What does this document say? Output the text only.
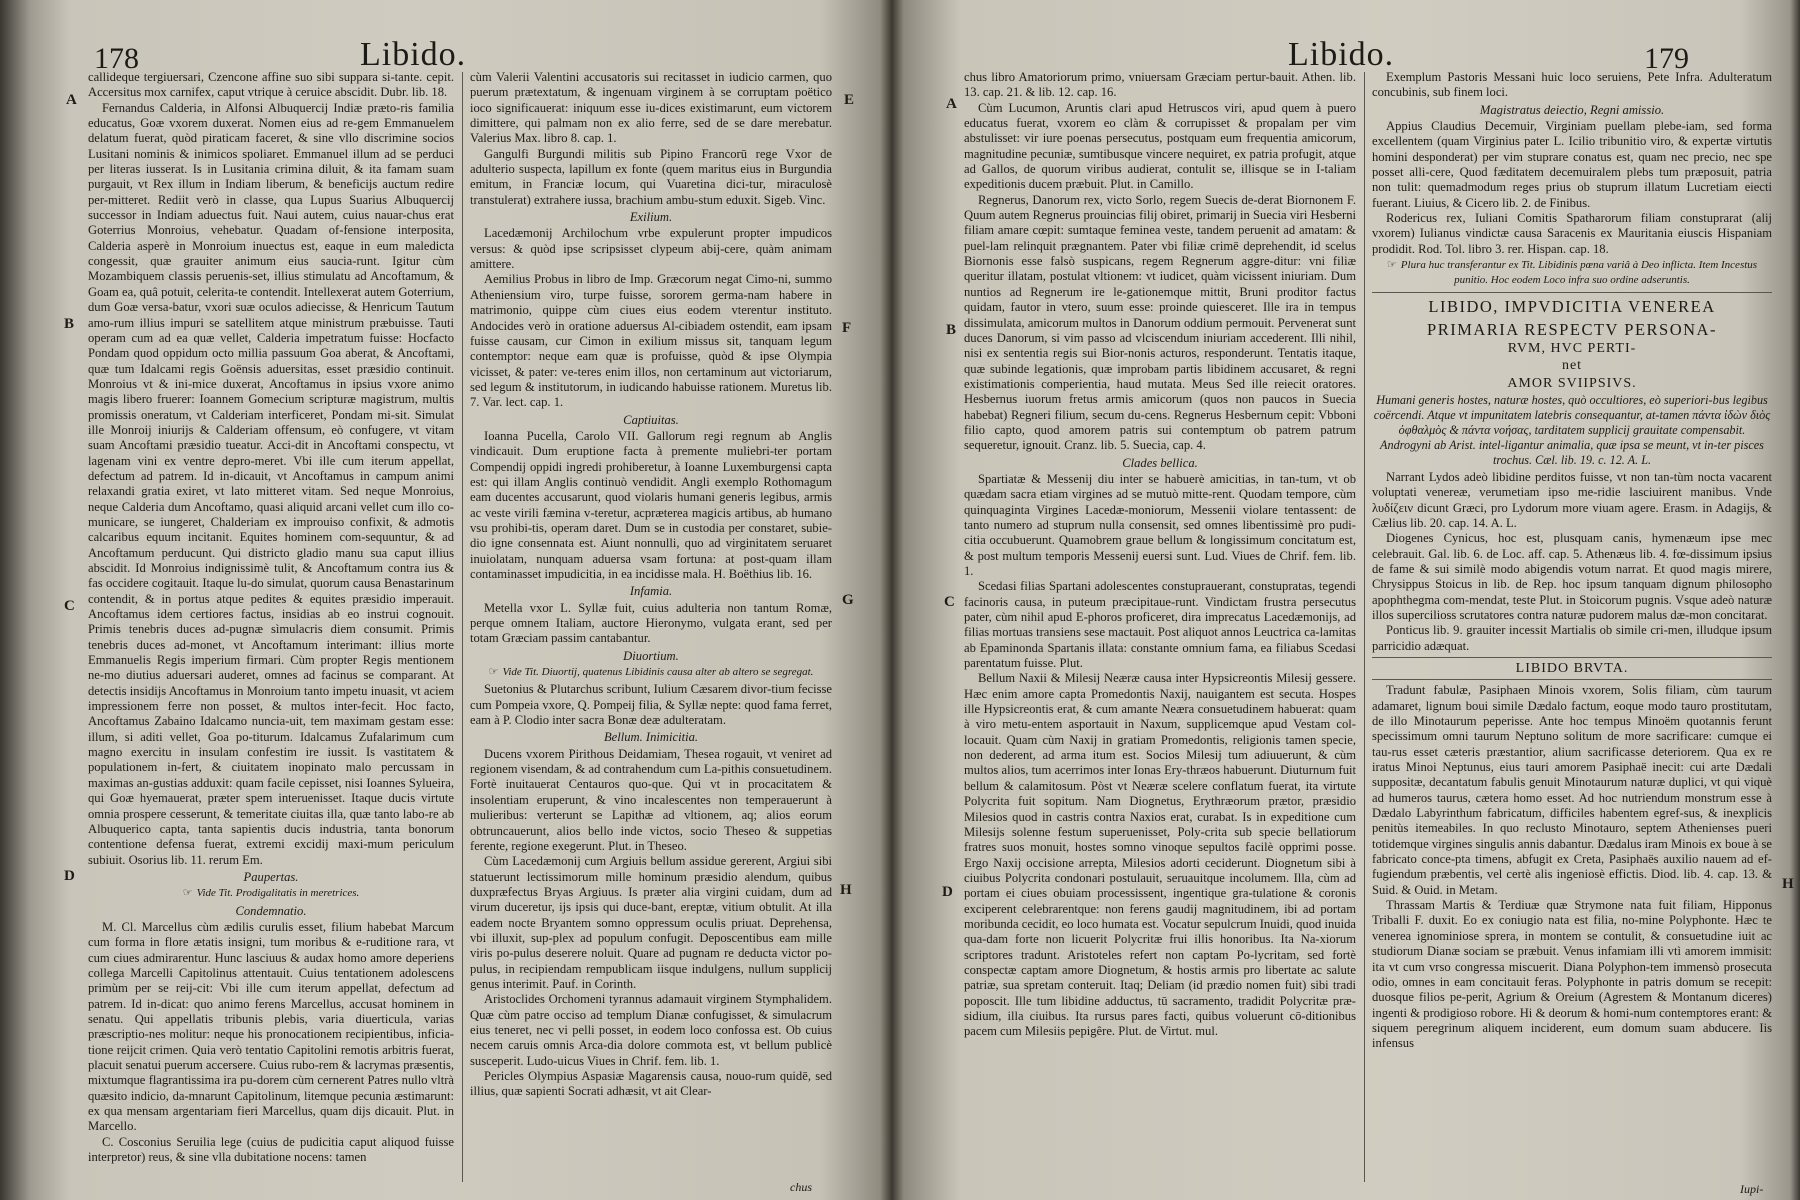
178	Libido.
A
B
C
D
E
F
G
H

callideque tergiuersari, Czencone affine suo sibi suppara si-tante. cepit. Accersitus mox carnifex, caput vtrique à ceruice abscidit. Dubr. lib. 18.

Fernandus Calderia, in Alfonsi Albuquercij Indiæ præto-ris familia educatus, Goæ vxorem duxerat. Nomen eius ad re-gem Emmanuelem delatum fuerat, quòd piraticam faceret, & sine vllo discrimine socios Lusitani nominis & inimicos spoliaret. Emmanuel illum ad se perduci per literas iusserat. Is in Lusitania crimina diluit, & ita famam suam purgauit, vt Rex illum in Indiam liberum, & beneficijs auctum redire per-mitteret. Rediit verò in classe, qua Lupus Suarius Albuquercij successor in Indiam aduectus fuit. Naui autem, cuius nauar-chus erat Goterrius Monroius, vehebatur. Quadam of-fensione interposita, Calderia asperè in Monroium inuectus est, eaque in eum maledicta congessit, quæ grauiter animum eius saucia-runt. Igitur cùm Mozambiquem classis peruenis-set, illius stimulatu ad Ancoftamum, & Goam ea, quâ potuit, celerita-te contendit. Intellexerat autem Goterrium, dum Goæ versa-batur, vxori suæ oculos adiecisse, & Henricum Tautum amo-rum illius impuri se satellitem atque ministrum præbuisse. Tauti operam cum ad ea quæ vellet, Calderia impetratum fuisse: Hocfacto Pondam quod oppidum octo millia passuum Goa aberat, & Ancoftami, quæ tum Idalcami regis Goënsis aduersitas, esset præsidio continuit. Monroius vt & ini-mice duxerat, Ancoftamus in ipsius vxore animo magis libero fruerer: Ioannem Gomecium scripturæ magistrum, multis promissis oneratum, vt Calderiam interficeret, Pondam mi-sit. Simulat ille Monroij iniurijs & Calderiam offensum, eò confugere, vt vitam suam Ancoftami præsidio tueatur. Acci-dit in Ancoftami conspectu, vt lagenam vini ex ventre depro-meret. Vbi ille cum iterum appellat, defectum ad patrem. Id in-dicauit, vt Ancoftamus in campum animi relaxandi gratia exiret, vt lato mitteret vitam. Sed neque Monroius, neque Calderia dum Ancoftamo, quasi aliquid arcani vellet cum illo co-municare, se iungeret, Chalderiam ex improuiso confixit, & admotis calcaribus equum incitanit. Equites hominem com-sequuntur, & ad Ancoftamum perducunt. Qui districto gladio manu sua caput illius abscidit. Id Monroius indignissimè tulit, & Ancoftamum contra ius & fas occidere cogitauit. Itaque lu-do simulat, quorum causa Benastarinum contendit, & in portus atque pedites & equites præsidio imperauit. Ancoftamus idem certiores factus, insidias ab eo instrui cognouit. Primis tenebris duces ad-pugnæ sìmulacris diem consumit. Primis tenebris duces ad-monet, vt Ancoftamum interimant: illius morte Emmanuelis Regis imperium firmari. Cùm propter Regis mentionem ne-mo diutius aduersari auderet, omnes ad facinus se comparant. At detectis insidijs Ancoftamus in Monroium tanto impetu inuasit, vt aciem impressionem ferre non posset, & multos inter-fecit. Hoc facto, Ancoftamus Zabaino Idalcamo nuncia-uit, tem maximam gestam esse: illum, si aditi vellet, Goa po-titurum. Idalcamus Zufalarimum cum magno exercitu in insulam confestim ire iussit. Is vastitatem & populationem in-fert, & ciuitatem inopinato malo percussam in maximas an-gustias adduxit: quam facile cepisset, nisi Ioannes Sylueira, qui Goæ hyemauerat, præter spem interuenisset. Itaque ducis virtute omnia prospere cesserunt, & temeritate ciuitas illa, quæ tanto labo-re ab Albuquerico capta, tanta sapientis ducis industria, tanta bonorum contentione defensa fuerat, extremi excidij maxi-mum periculum subiuit. Osorius lib. 11. rerum Em.

Paupertas.
☞ Vide Tit. Prodigalitatis in meretrices.
Condemnatio.

M. Cl. Marcellus cùm ædilis curulis esset, filium habebat Marcum cum forma in flore ætatis insigni, tum moribus & e-ruditione rara, vt cum ciues admirarentur. Hunc lasciuus & audax homo amore deperiens collega Marcelli Capitolinus attentauit. Cuius tentationem adolescens primùm per se reij-cit: Vbi ille cum iterum appellat, defectum ad patrem. Id in-dicat: quo animo ferens Marcellus, accusat hominem in senatu. Qui appellatis tribunis plebis, varia diuerticula, varias præscriptio-nes molitur: neque his pronocationem recipientibus, inficia-tione reijcit crimen. Quia verò tentatio Capitolini remotis arbitris fuerat, placuit senatui puerum accersere. Cuius rubo-rem & lacrymas præsentis, mixtumque flagrantissima ira pu-dorem cùm cernerent Patres nullo vltrà quæsito indicio, da-mnarunt Capitolinum, litemque pecunia æstimarunt: ex qua mensam argentariam fieri Marcellus, quam dijs dicauit. Plut. in Marcello.

C. Cosconius Seruilia lege (cuius de pudicitia caput aliquod fuisse interpretor) reus, & sine vlla dubitatione nocens: tamen

cùm Valerii Valentini accusatoris sui recitasset in iudicio carmen, quo puerum prætextatum, & ingenuam virginem à se corruptam poëtico ioco significauerat: iniquum esse iu-dices existimarunt, eum victorem dimittere, qui palmam non ex alio ferre, sed de se dare merebatur. Valerius Max. libro 8. cap. 1.

Gangulfi Burgundi militis sub Pipino Francorū rege Vxor de adulterio suspecta, lapillum ex fonte (quem maritus eius in Burgundia emitum, in Franciæ locum, qui Vuaretina dici-tur, miraculosè transtulerat) extrahere iussa, brachium ambu-stum eduxit. Sigeb. Vinc.

Exilium.

Lacedæmonij Archilochum vrbe expulerunt propter impudicos versus: & quòd ipse scripsisset clypeum abij-cere, quàm animam amittere.

Aemilius Probus in libro de Imp. Græcorum negat Cimo-ni, summo Atheniensium viro, turpe fuisse, sororem germa-nam habere in matrimonio, quippe cùm ciues eius eodem vterentur instituto. Andocides verò in oratione aduersus Al-cibiadem ostendit, eam ipsam fuisse causam, cur Cimon in exilium missus sit, tanquam legum contemptor: neque eam quæ is profuisse, quòd & ipse Olympia vicisset, & pater: ve-teres enim illos, non certaminum aut victoriarum, sed legum & institutorum, in iudicando habuisse rationem. Muretus lib. 7. Var. lect. cap. 1.

Captiuitas.

Ioanna Pucella, Carolo VII. Gallorum regi regnum ab Anglis vindicauit. Dum eruptione facta à premente muliebri-ter portam Compendij oppidi ingredi prohiberetur, à Ioanne Luxemburgensi capta est: qui illam Anglis continuò vendidit. Angli exemplo Rothomagum eam ducentes accusarunt, quod violaris humani generis legibus, armis ac veste virili fæmina v-teretur, acpræterea magicis artibus, ab humano vsu prohibi-tis, operam daret. Dum se in custodia per constaret, subie-dio igne consennata est. Aiunt nonnulli, quo ad virginitatem seruaret inuiolatam, nunquam aduersa vsam fortuna: at post-quam illam contaminasset impudicitia, in ea incidisse mala. H. Boëthius lib. 16.

Infamia.

Metella vxor L. Syllæ fuit, cuius adulteria non tantum Romæ, perque omnem Italiam, auctore Hieronymo, vulgata erant, sed per totam Græciam passim cantabantur.

Diuortium.
☞ Vide Tit. Diuortij, quatenus Libidinis causa alter ab altero se segregat.

Suetonius & Plutarchus scribunt, Iulium Cæsarem divor-tium fecisse cum Pompeia vxore, Q. Pompeij filia, & Syllæ nepte: quod fama ferret, eam à P. Clodio inter sacra Bonæ deæ adulteratam.

Bellum. Inimicitia.

Ducens vxorem Pirithous Deidamiam, Thesea rogauit, vt veniret ad regionem visendam, & ad contrahendum cum La-pithis consuetudinem. Fortè inuitauerat Centauros quo-que. Qui vt in procacitatem & insolentiam eruperunt, & vino incalescentes non temperauerunt à mulieribus: verterunt se Lapithæ ad vltionem, aq; alios eorum obtruncauerunt, alios bello inde victos, socio Theseo & suppetias ferente, regione exegerunt. Plut. in Theseo.

Cùm Lacedæmonij cum Argiuis bellum assidue gererent, Argiui sibi statuerunt lectissimorum mille hominum præsidio alendum, quibus duxpræfectus Bryas Argiuus. Is præter alia virgini cuidam, dum ad virum duceretur, ijs ipsis qui duce-bant, ereptæ, vitium obtulit. At illa eadem nocte Bryantem somno oppressum oculis priuat. Deprehensa, vbi illuxit, sup-plex ad populum confugit. Deposcentibus eam mille viris po-pulus deserere noluit. Quare ad pugnam re deducta victor po-pulus, in recipiendam rempublicam iisque indulgens, nullum supplicij genus interimit. Pauf. in Corinth.

Aristoclides Orchomeni tyrannus adamauit virginem Stymphalidem. Quæ cùm patre occiso ad templum Dianæ confugisset, & simulacrum eius teneret, nec vi pelli posset, in eodem loco confossa est. Ob cuius necem caruis omnis Arca-dia dolore commota est, vt bellum publicè susceperit. Ludo-uicus Viues in Chrif. fem. lib. 1.

Pericles Olympius Aspasiæ Magarensis causa, nouo-rum quidē, sed illius, quæ sapienti Socrati adhæsit, vt ait Clear-

chus
Libido.	179
A
B
C
D	H

chus libro Amatoriorum primo, vniuersam Græciam pertur-bauit. Athen. lib. 13. cap. 21. & lib. 12. cap. 16.

Cùm Lucumon, Aruntis clari apud Hetruscos viri, apud quem à puero educatus fuerat, vxorem eo clàm & corrupisset & propalam per vim abstulisset: vir iure poenas persecutus, postquam eum frequentia amicorum, magnitudine pecuniæ, sumtibusque vincere nequiret, ex patria profugit, atque ad Gallos, de quorum viribus audierat, contulit se, illisque se in I-taliam expeditionis ducem præbuit. Plut. in Camillo.

Regnerus, Danorum rex, victo Sorlo, regem Suecis de-derat Biornonem F. Quum autem Regnerus prouincias filij obiret, primarij in Suecia viri Hesberni filiam amare cœpit: sumtaque feminea veste, tandem peruenit ad amatam: & puel-lam relinquit prægnantem. Pater vbi filiæ crimē deprehendit, id scelus Biornonis esse falsò suspicans, regem Regnerum aggre-ditur: vni filiæ queritur illatam, postulat vltionem: vt iudicet, quàm vicissent iniuriam. Dum nuntios ad Regnerum ire le-gationemque mittit, Bruni proditor factus quidam, fautor in vtero, suum esse: proinde quiesceret. Ille ira in tempus dissimulata, amicorum multos in Danorum oddium permouit. Pervenerat sunt duces Danorum, si vim passo ad vlciscendum iniuriam accederent. Illi nihil, nisi ex sententia regis sui Bior-nonis acturos, responderunt. Tentatis itaque, quæ subinde legationis, quæ improbam partis libidinem accusaret, & regni existimationis comperientia, haud mutata. Meus Sed ille reiecit oratores. Hesbernus iuorum fretus armis amicorum (quos non paucos in Suecia habebat) Regneri filium, secum du-cens. Regnerus Hesbernum cepit: Vbboni filio capto, quod amorem patris sui contemptum ob patrem patrum sequeretur, ignouit. Cranz. lib. 5. Suecia, cap. 4.

Clades bellica.

Spartiatæ & Messenij diu inter se habuerè amicitias, in tan-tum, vt ob quædam sacra etiam virgines ad se mutuò mitte-rent. Quodam tempore, cùm quinquaginta Virgines Lacedæ-moniorum, Messenii violare tentassent: de tanto numero ad stuprum nulla consensit, sed omnes libentissimè pro pudi-citia occubuerunt. Quamobrem graue bellum & longissimum concitatum est, & post multum temporis Messenij euersi sunt. Lud. Viues de Chrif. fem. lib. 1.

Scedasi filias Spartani adolescentes constuprauerant, constupratas, tegendi facinoris causa, in puteum præcipitaue-runt. Vindictam frustra persecutus pater, cùm nihil apud E-phoros proficeret, dira imprecatus Lacedæmonijs, ad filias mortuas transiens sese mactauit. Post aliquot annos Leuctrica ca-lamitas ab Epaminonda Spartanis illata: constante omnium fama, ea filiabus Scedasi parentatum fuisse. Plut.

Bellum Naxii & Milesij Neæræ causa inter Hypsicreontis Milesij gessere. Hæc enim amore capta Promedontis Naxij, nauigantem est secuta. Hospes ille Hypsicreontis erat, & cum amante Neæra consuetudinem habuerat: quam à viro metu-entem asportauit in Naxum, supplicemque apud Vestam col-locauit. Quam cùm Naxij in gratiam Promedontis, religionis tamen specie, non dederent, ad arma itum est. Socios Milesij tum adiuuerunt, & cùm multos alios, tum acerrimos inter Ionas Ery-thræos habuerunt. Diuturnum fuit bellum & calamitosum. Pòst vt Neæræ scelere conflatum fuerat, ita virtute Polycrita fuit sopitum. Nam Diognetus, Erythræorum prætor, præsidio Milesios quod in castris contra Naxios erat, curabat. Is in expeditione cum Milesijs solenne festum superuenisset, Poly-crita sub specie bellatiorum fratres suos monuit, hostes somno vinoque sepultos facilè opprimi posse. Ergo Naxij occisione arrepta, Milesios adorti ceciderunt. Diognetum sibi à ciuibus Polycrita condonari postulauit, seruauitque incolumem. Illa, cùm ad portam ei ciues obuiam processissent, ingentique gra-tulatione & coronis exciperent celebrarentque: non ferens gaudij magnitudinem, ibi ad portam moribunda cecidit, eo loco humata est. Vocatur sepulcrum Inuidi, quod inuida qua-dam forte non licuerit Polycritæ frui illis honoribus. Ita Na-xiorum scriptores tradunt. Aristoteles refert non captam Po-lycritam, sed fortè conspectæ captam amore Diognetum, & hostis armis pro libertate ac salute patriæ, sua spretam conteruit. Itaq; Deliam (id prædio nomen fuit) sibi tradi poposcit. Ille tum libidine adductus, tū sacramento, tradidit Polycritæ præ-sidium, illa ciuibus. Ita rursus pares facti, quibus voluerunt cō-ditionibus pacem cum Milesiis pepigêre. Plut. de Virtut. mul.

Exemplum Pastoris Messani huic loco seruiens, Pete Infra. Adulteratum concubinis, sub finem loci.

Magistratus deiectio, Regni amissio.

Appius Claudius Decemuir, Virginiam puellam plebe-iam, sed forma excellentem (quam Virginius pater L. Icilio tribunitio viro, & expertæ virtutis homini desponderat) per vim stuprare conatus est, quam nec precio, nec spe posset alli-cere, Quod fæditatem decemuiralem plebs tum præposuit, patria non tulit: quemadmodum reges prius ob stuprum illatum Lucretiam eiecti fuerant. Liuius, & Cicero lib. 2. de Finibus.

Rodericus rex, Iuliani Comitis Spatharorum filiam constuprarat (alij vxorem) Iulianus vindictæ causa Saracenis ex Mauritania eiuscis Hispaniam prodidit. Rod. Tol. libro 3. rer. Hispan. cap. 18.

☞ Plura huc transferantur ex Tit. Libidinis pœna variâ à Deo inflicta. Item Incestus punitio. Hoc eodem Loco infra suo ordine adseruntis.
LIBIDO, IMPVDICITIA VENEREA
PRIMARIA RESPECTV PERSONA-
RVM, HVC PERTI-
net
AMOR SVIIPSIVS.
Humani generis hostes, naturæ hostes, quò occultiores, eò superiori-bus legibus coërcendi. Atque vt impunitatem latebris consequantur, at-tamen πάντα ἰδὼν διὸς ὀφθαλμὸς & πάντα νοήσας, tarditatem supplicij grauitate compensabit. Androgyni ab Arist. intel-ligantur animalia, quæ ipsa se meunt, vt in-ter pisces trochus. Cæl. lib. 19. c. 12. A. L.

Narrant Lydos adeò libidine perditos fuisse, vt non tan-tùm nocta vacarent voluptati venereæ, verumetiam ipso me-ridie lasciuirent manibus. Vnde λυδίζειν dicunt Græci, pro Lydorum more viuam agere. Erasm. in Adagijs, & Cælius lib. 20. cap. 14. A. L.

Diogenes Cynicus, hoc est, plusquam canis, hymenæum ipse mec celebrauit. Gal. lib. 6. de Loc. aff. cap. 5. Athenæus lib. 4. fœ-dissimum ipsius de fame & sui similè modo abigendis votum narrat. Et quod magis mirere, Chrysippus Stoicus in lib. de Rep. hoc ipsum tanquam dignum philosopho apophthegma com-mendat, teste Plut. in Stoicorum pugnis. Vsque adeò naturæ illos supercilioss scrutatores contra naturæ pudorem malus dæ-mon concitarat.

Ponticus lib. 9. grauiter incessit Martialis ob simile cri-men, illudque ipsum parricidio adæquat.

LIBIDO BRVTA.

Tradunt fabulæ, Pasiphaen Minois vxorem, Solis filiam, cùm taurum adamaret, lignum boui simile Dædalo factum, eoque modo tauro prostitutam, de illo Minotaurum peperisse. Ante hoc tempus Minoëm quotannis ferunt specissimum omni taurum Neptuno solitum de more sacrificare: cumque ei tau-rus esset cæteris præstantior, alium sacrificasse deteriorem. Qua ex re iratus Minoi Neptunus, eius tauri amorem Pasiphaë inecit: cui arte Dædali suppositæ, decantatum fabulis genuit Minotaurum naturæ duplici, vt qui viquè ad humeros taurus, cætera homo esset. Ad hoc nutriendum monstrum esse à Dædalo Labyrinthum fabricatum, difficiles habentem egref-sus, & inexplicis penitùs itemeabiles. In quo reclusto Minotauro, septem Athenienses pueri totidemque virgines singulis annis dabantur. Dædalus iram Minois ex boue à se fabricato conce-pta timens, abfugit ex Creta, Pasiphaës auxilio nauem ad ef-fugiendum præbentis, vel certè alis ingeniosè effictis. Diod. lib. 4. cap. 13. & Suid. & Ouid. in Metam.

Thrassam Martis & Terdiuæ quæ Strymone nata fuit filiam, Hipponus Triballi F. duxit. Eo ex coniugio nata est filia, no-mine Polyphonte. Hæc te venerea ignominiose sprera, in montem se contulit, & consuetudine iuit ac studiorum Dianæ sociam se præbuit. Venus infamiam illi vtì amorem immisit: ita vt cum vrso congressa miscuerit. Diana Polyphon-tem immensò prosecuta odio, omnes in eam concitauit feras. Polyphonte in patris domum se recepit: duosque filios pe-perit, Agrium & Oreium (Agrestem & Montanum diceres) ingenti & prodigioso robore. Hi & deorum & homi-num contemptores erant: & siquem peregrinum aliquem inciderent, eum domum suam abducere. Iis infensus

Iupi-
